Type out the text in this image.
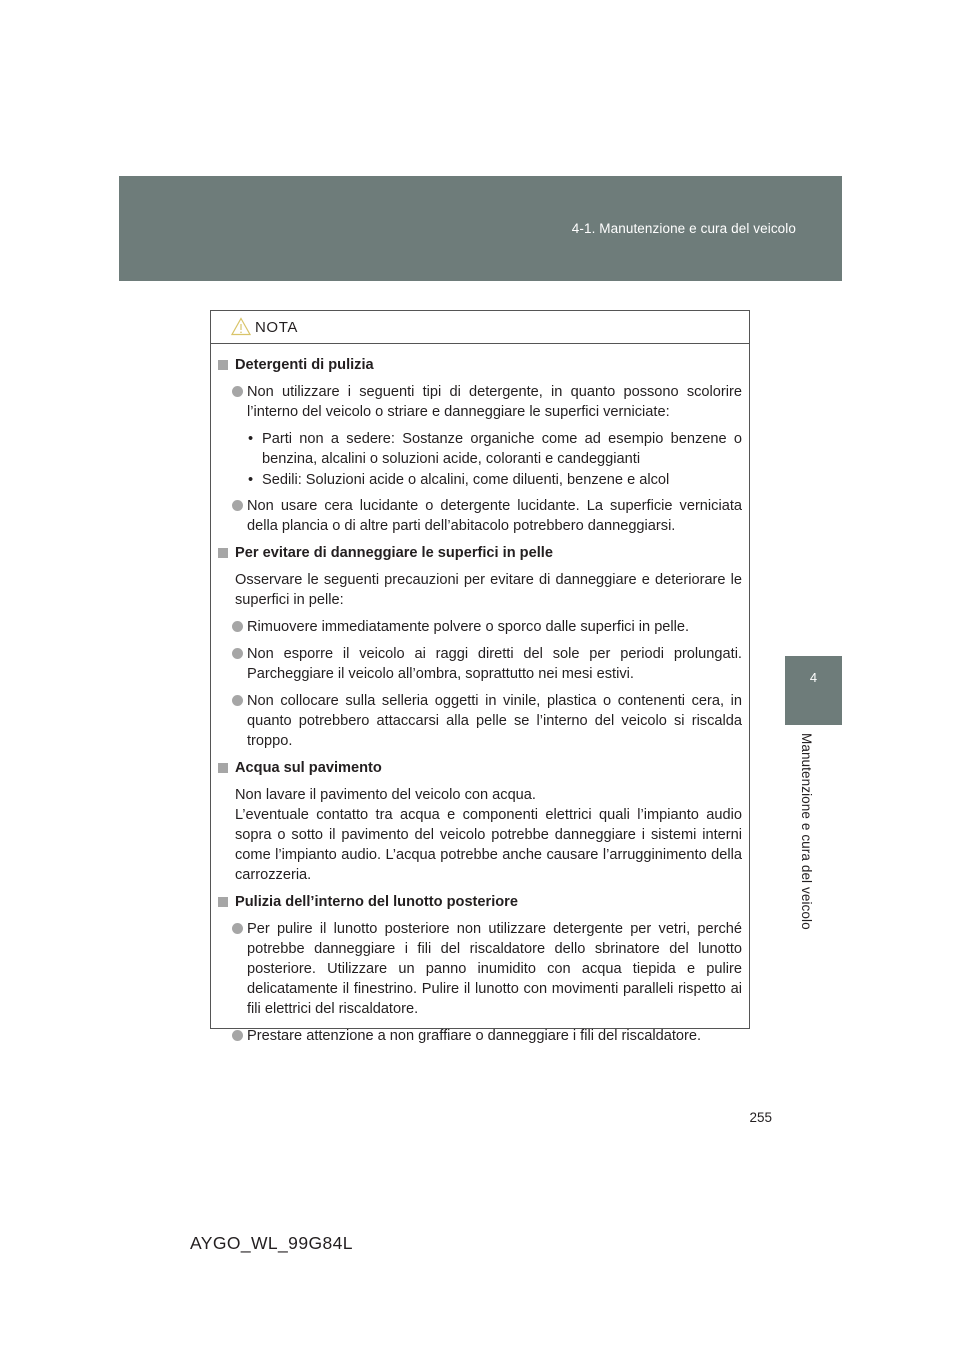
4-1. Manutenzione e cura del veicolo
4
Manutenzione e cura del veicolo
NOTA
Detergenti di pulizia
Non utilizzare i seguenti tipi di detergente, in quanto possono scolorire l’interno del veicolo o striare e danneggiare le superfici verniciate:
• Parti non a sedere: Sostanze organiche come ad esempio benzene o benzina, alcalini o soluzioni acide, coloranti e candeggianti
• Sedili: Soluzioni acide o alcalini, come diluenti, benzene e alcol
Non usare cera lucidante o detergente lucidante. La superficie verniciata della plancia o di altre parti dell’abitacolo potrebbero danneggiarsi.
Per evitare di danneggiare le superfici in pelle
Osservare le seguenti precauzioni per evitare di danneggiare e deteriorare le superfici in pelle:
Rimuovere immediatamente polvere o sporco dalle superfici in pelle.
Non esporre il veicolo ai raggi diretti del sole per periodi prolungati. Parcheggiare il veicolo all’ombra, soprattutto nei mesi estivi.
Non collocare sulla selleria oggetti in vinile, plastica o contenenti cera, in quanto potrebbero attaccarsi alla pelle se l’interno del veicolo si riscalda troppo.
Acqua sul pavimento
Non lavare il pavimento del veicolo con acqua.
L’eventuale contatto tra acqua e componenti elettrici quali l’impianto audio sopra o sotto il pavimento del veicolo potrebbe danneggiare i sistemi interni come l’impianto audio. L’acqua potrebbe anche causare l’arrugginimento della carrozzeria.
Pulizia dell’interno del lunotto posteriore
Per pulire il lunotto posteriore non utilizzare detergente per vetri, perché potrebbe danneggiare i fili del riscaldatore dello sbrinatore del lunotto posteriore. Utilizzare un panno inumidito con acqua tiepida e pulire delicatamente il finestrino. Pulire il lunotto con movimenti paralleli rispetto ai fili elettrici del riscaldatore.
Prestare attenzione a non graffiare o danneggiare i fili del riscaldatore.
255
AYGO_WL_99G84L
